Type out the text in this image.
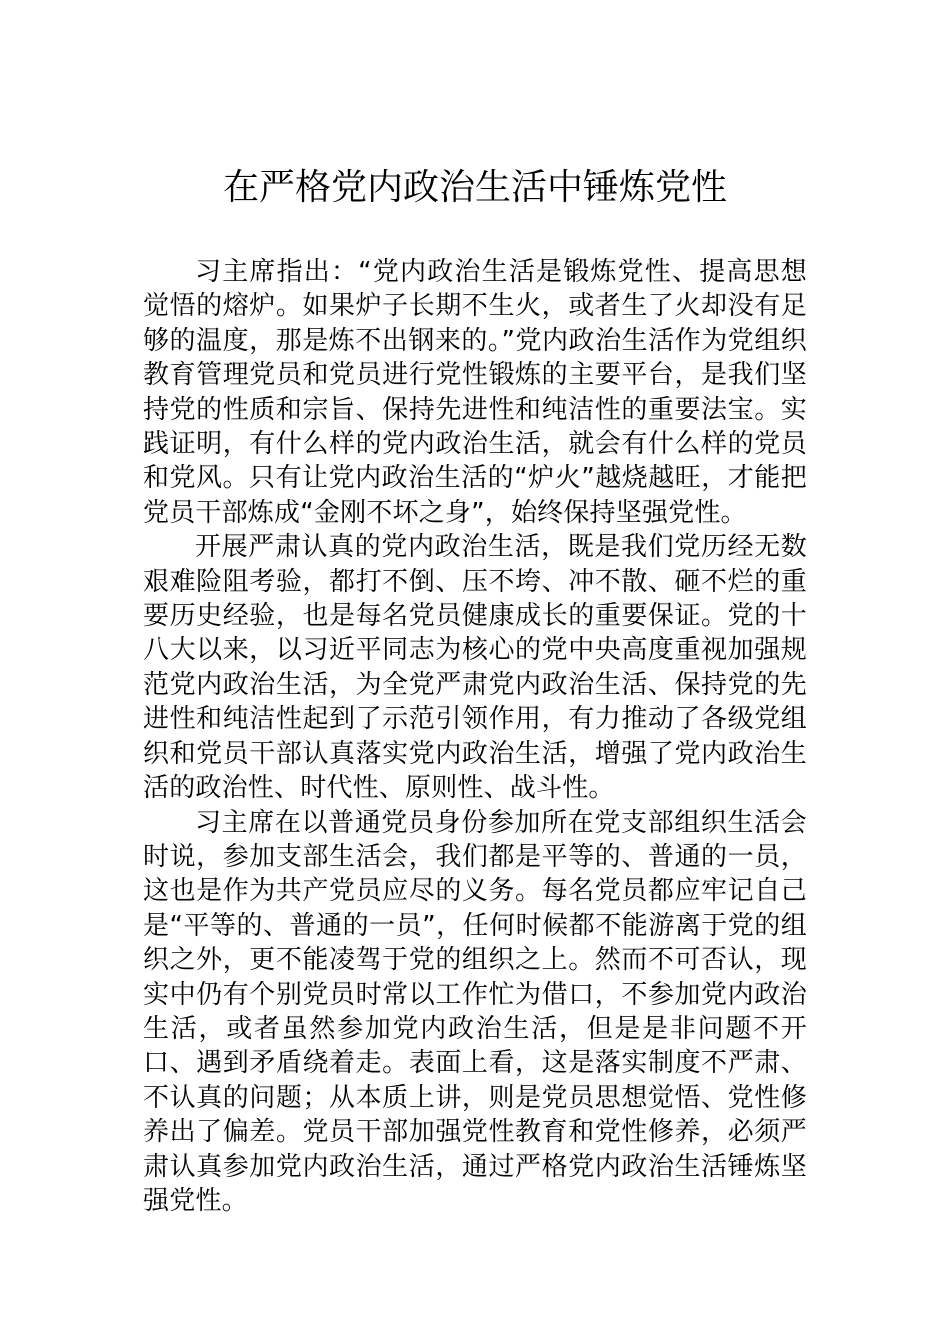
在严格党内政治生活中锤炼党性

习主席指出：“党内政治生活是锻炼党性、提高思想觉悟的熔炉。如果炉子长期不生火，或者生了火却没有足够的温度，那是炼不出钢来的。”党内政治生活作为党组织教育管理党员和党员进行党性锻炼的主要平台，是我们坚持党的性质和宗旨、保持先进性和纯洁性的重要法宝。实践证明，有什么样的党内政治生活，就会有什么样的党员和党风。只有让党内政治生活的“炉火”越烧越旺，才能把党员干部炼成“金刚不坏之身”，始终保持坚强党性。

开展严肃认真的党内政治生活，既是我们党历经无数艰难险阻考验，都打不倒、压不垮、冲不散、砸不烂的重要历史经验，也是每名党员健康成长的重要保证。党的十八大以来，以习近平同志为核心的党中央高度重视加强规范党内政治生活，为全党严肃党内政治生活、保持党的先进性和纯洁性起到了示范引领作用，有力推动了各级党组织和党员干部认真落实党内政治生活，增强了党内政治生活的政治性、时代性、原则性、战斗性。

习主席在以普通党员身份参加所在党支部组织生活会时说，参加支部生活会，我们都是平等的、普通的一员，这也是作为共产党员应尽的义务。每名党员都应牢记自己是“平等的、普通的一员”，任何时候都不能游离于党的组织之外，更不能凌驾于党的组织之上。然而不可否认，现实中仍有个别党员时常以工作忙为借口，不参加党内政治生活，或者虽然参加党内政治生活，但是是非问题不开口、遇到矛盾绕着走。表面上看，这是落实制度不严肃、不认真的问题；从本质上讲，则是党员思想觉悟、党性修养出了偏差。党员干部加强党性教育和党性修养，必须严肃认真参加党内政治生活，通过严格党内政治生活锤炼坚强党性。
